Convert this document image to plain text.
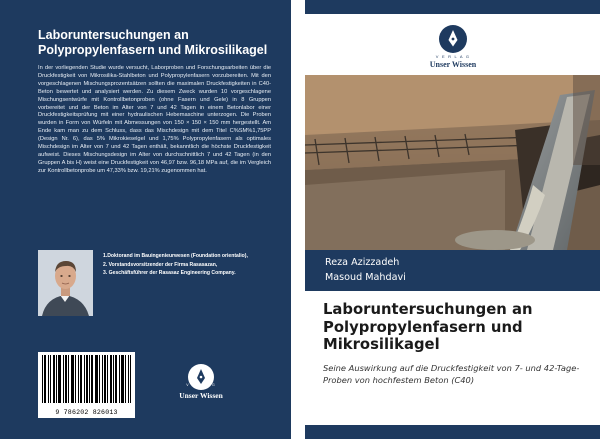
Laboruntersuchungen an Polypropylenfasern und Mikrosilikagel

In der vorliegenden Studie wurde versucht, Laborproben und Forschungsarbeiten über die Druckfestigkeit von Mikrosilika-Stahlbeton und Polypropylenfasern vorzubereiten. Mit den vorgeschlagenen Mischungsprozentsätzen sollten die maximalen Druckfestigkeiten in C40-Beton bewertet und analysiert werden. Zu diesem Zweck wurden 10 vorgeschlagene Mischungsentwürfe mit Kontrollbetonproben (ohne Fasern und Gele) in 8 Gruppen vorbereitet und der Beton im Alter von 7 und 42 Tagen in einem Betonlabor einer Druckfestigkeitsprüfung mit einer hydraulischen Hebemaschine unterzogen. Die Proben wurden in Form von Würfeln mit Abmessungen von 150 × 150 × 150 mm hergestellt. Am Ende kam man zu dem Schluss, dass das Mischdesign mit dem Titel C%SM%1,75PP (Design Nr. 6), das 5% Mikrokieselgel und 1,75% Polypropylenfasern als optimales Mischdesign im Alter von 7 und 42 Tagen enthält, bekanntlich die höchste Druckfestigkeit aufweist. Dieses Mischungsdesign im Alter von durchschnittlich 7 und 42 Tagen (in den Gruppen A bis H) weist eine Druckfestigkeit von 46,97 bzw. 96,18 MPa auf, die im Vergleich zur Kontrollbetonprobe um 47,33% bzw. 19,21% zugenommen hat.

1.Doktorand im Bauingenieurwesen (Foundation orientalio),
2. Vorstandsvorsitzender der Firma Rasasazan,
3. Geschäftsführer der Rasasaz Engineering Company.
9 786202 826013
V E R L A G
Unser Wissen
V E R L A G
Unser Wissen
Reza Azizzadeh
Masoud Mahdavi
Laboruntersuchungen an Polypropylenfasern und Mikrosilikagel

Seine Auswirkung auf die Druckfestigkeit von 7- und 42-Tage-Proben von hochfestem Beton (C40)
